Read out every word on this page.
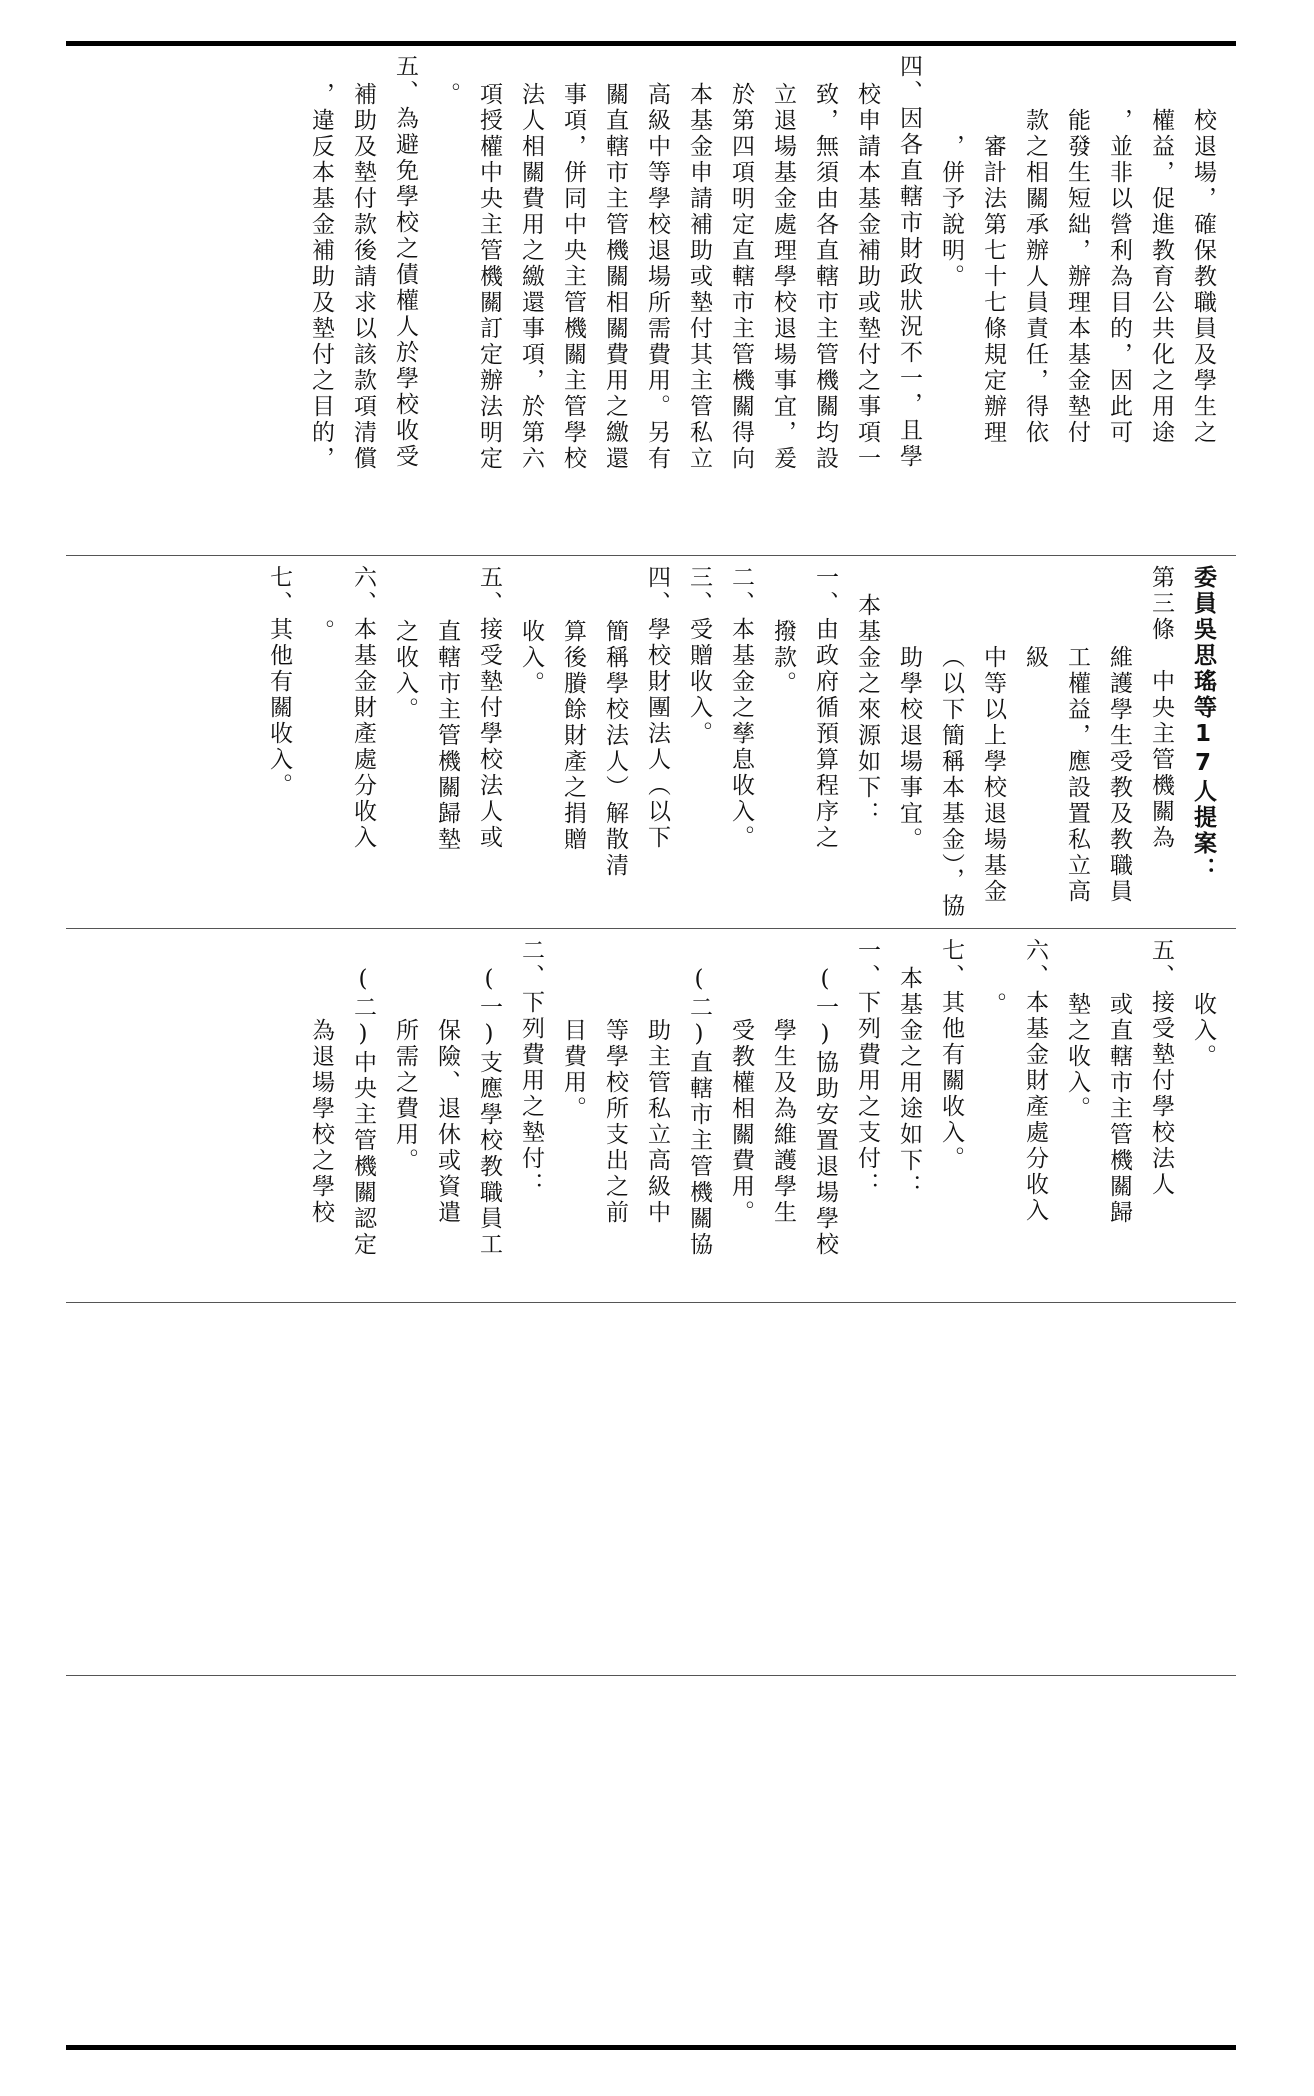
校退場，確保教職員及學生之

權益，促進教育公共化之用途

，並非以營利為目的，因此可

能發生短絀，辦理本基金墊付

款之相關承辦人員責任，得依

審計法第七十七條規定辦理

，併予說明。

四、因各直轄市財政狀況不一，且學

校申請本基金補助或墊付之事項一

致，無須由各直轄市主管機關均設

立退場基金處理學校退場事宜，爰

於第四項明定直轄市主管機關得向

本基金申請補助或墊付其主管私立

高級中等學校退場所需費用。另有

關直轄市主管機關相關費用之繳還

事項，併同中央主管機關主管學校

法人相關費用之繳還事項，於第六

項授權中央主管機關訂定辦法明定

。

五、為避免學校之債權人於學校收受

補助及墊付款後請求以該款項清償

，違反本基金補助及墊付之目的，

委員吳思瑤等17人提案：

第三條　中央主管機關為

維護學生受教及教職員

工權益，應設置私立高級

中等以上學校退場基金

（以下簡稱本基金），協

助學校退場事宜。

本基金之來源如下：

一、由政府循預算程序之

撥款。

二、本基金之孳息收入。

三、受贈收入。

四、學校財團法人（以下

簡稱學校法人）解散清

算後賸餘財產之捐贈

收入。

五、接受墊付學校法人或

直轄市主管機關歸墊

之收入。

六、本基金財產處分收入

。

七、其他有關收入。

收入。

五、接受墊付學校法人

或直轄市主管機關歸

墊之收入。

六、本基金財產處分收入

。

七、其他有關收入。

本基金之用途如下：

一、下列費用之支付：

(一)協助安置退場學校

學生及為維護學生

受教權相關費用。

(二)直轄市主管機關協

助主管私立高級中

等學校所支出之前

目費用。

二、下列費用之墊付：

(一)支應學校教職員工

保險、退休或資遣

所需之費用。

(二)中央主管機關認定

為退場學校之學校
